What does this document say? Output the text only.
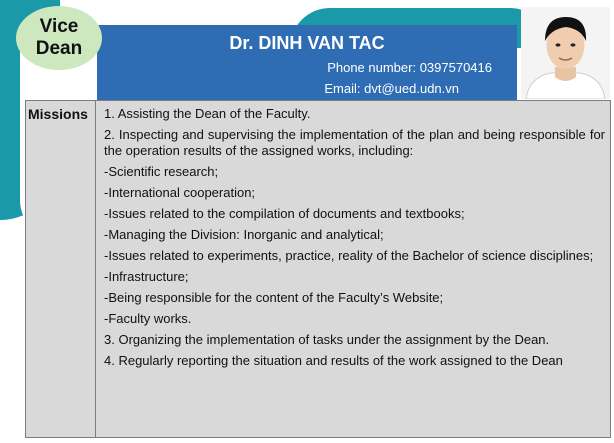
Dr. DINH VAN TAC
Phone number: 0397570416
Email: dvt@ued.udn.vn
Vice
Dean
Missions 1. Assisting the Dean of the Faculty.

2. Inspecting and supervising the implementation of the plan and being responsible for the operation results of the assigned works, including:

-Scientific research;

-International cooperation;

-Issues related to the compilation of documents and textbooks;

-Managing the Division: Inorganic and analytical;

-Issues related to experiments, practice, reality of the Bachelor of science disciplines;

-Infrastructure;

-Being responsible for the content of the Faculty’s Website;

-Faculty works.

3. Organizing the implementation of tasks under the assignment by the Dean.

4. Regularly reporting the situation and results of the work assigned to the Dean
